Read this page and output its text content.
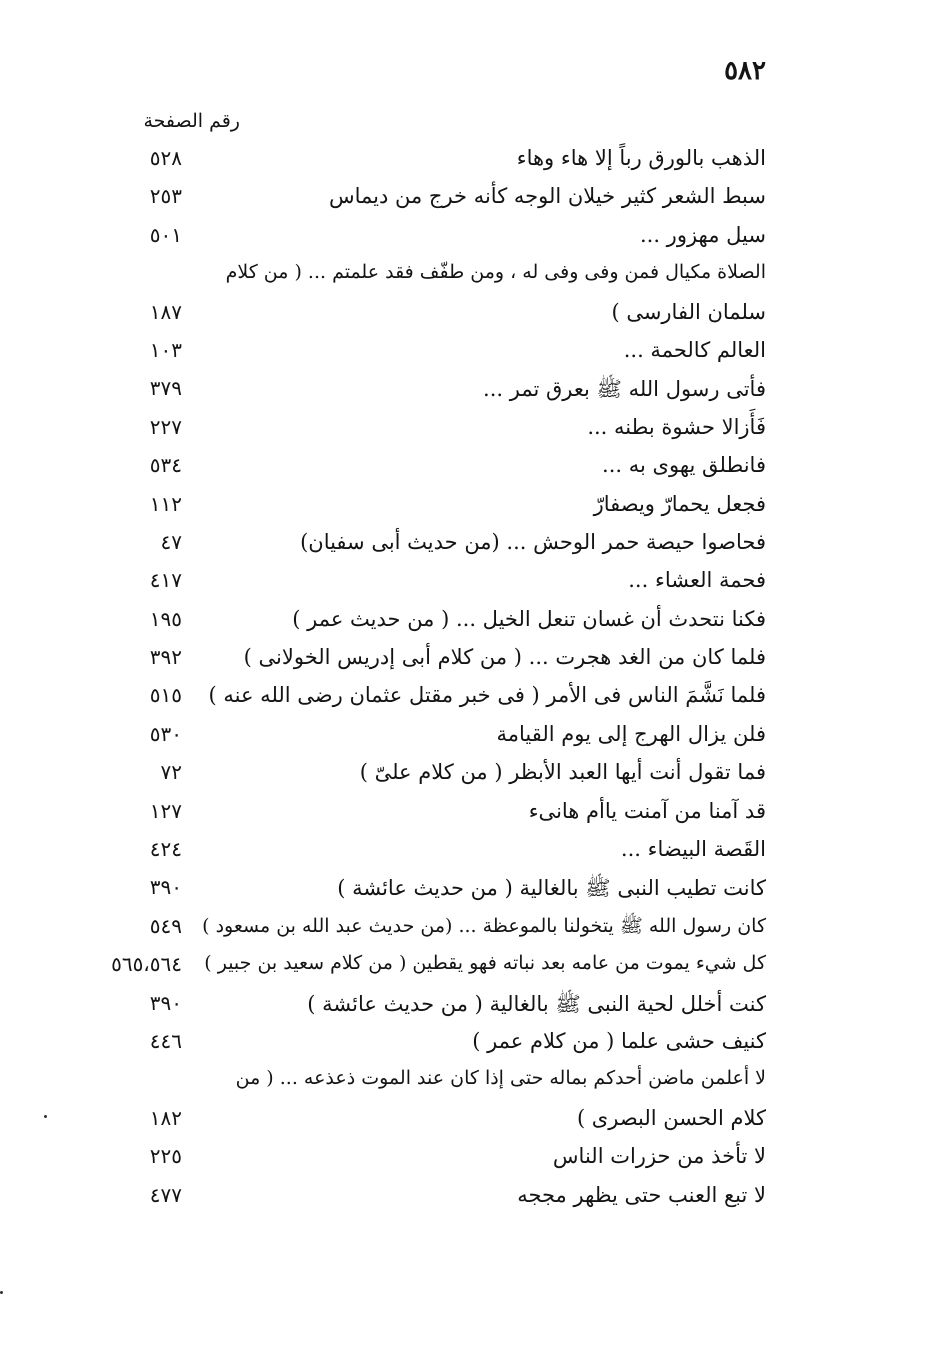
٥٨٢
رقم الصفحة
الذهب بالورق رباً إلا هاء وهاء
٥٢٨
سبط الشعر كثير خيلان الوجه كأنه خرج من ديماس
٢٥٣
سيل مهزور ...
٥٠١
الصلاة مكيال فمن وفى وفى له ، ومن طفّف فقد علمتم ... ( من كلام
سلمان الفارسى )
١٨٧
العالم كالحمة ...
١٠٣
فأتى رسول الله ﷺ بعرق تمر ...
٣٧٩
فَأَزالا حشوة بطنه ...
٢٢٧
فانطلق يهوى به ...
٥٣٤
فجعل يحمارّ ويصفارّ
١١٢
فحاصوا حيصة حمر الوحش ... (من حديث أبى سفيان)
٤٧
فحمة العشاء ...
٤١٧
فكنا نتحدث أن غسان تنعل الخيل ... ( من حديث عمر )
١٩٥
فلما كان من الغد هجرت ... ( من كلام أبى إدريس الخولانى )
٣٩٢
فلما نَشَّمَ الناس فى الأمر ( فى خبر مقتل عثمان رضى الله عنه )
٥١٥
فلن يزال الهرج إلى يوم القيامة
٥٣٠
فما تقول أنت أيها العبد الأبظر ( من كلام علىّ )
٧٢
قد آمنا من آمنت ياأم هانىء
١٢٧
القَصة البيضاء ...
٤٢٤
كانت تطيب النبى ﷺ بالغالية ( من حديث عائشة )
٣٩٠
كان رسول الله ﷺ يتخولنا بالموعظة ... (من حديث عبد الله بن مسعود )
٥٤٩
كل شيء يموت من عامه بعد نباته فهو يقطين ( من كلام سعيد بن جبير )
٥٦٥،٥٦٤
كنت أخلل لحية النبى ﷺ بالغالية ( من حديث عائشة )
٣٩٠
كنيف حشى علما ( من كلام عمر )
٤٤٦
لا أعلمن ماضن أحدكم بماله حتى إذا كان عند الموت ذعذعه ... ( من
كلام الحسن البصرى )
١٨٢
لا تأخذ من حزرات الناس
٢٢٥
لا تبع العنب حتى يظهر مججه
٤٧٧
